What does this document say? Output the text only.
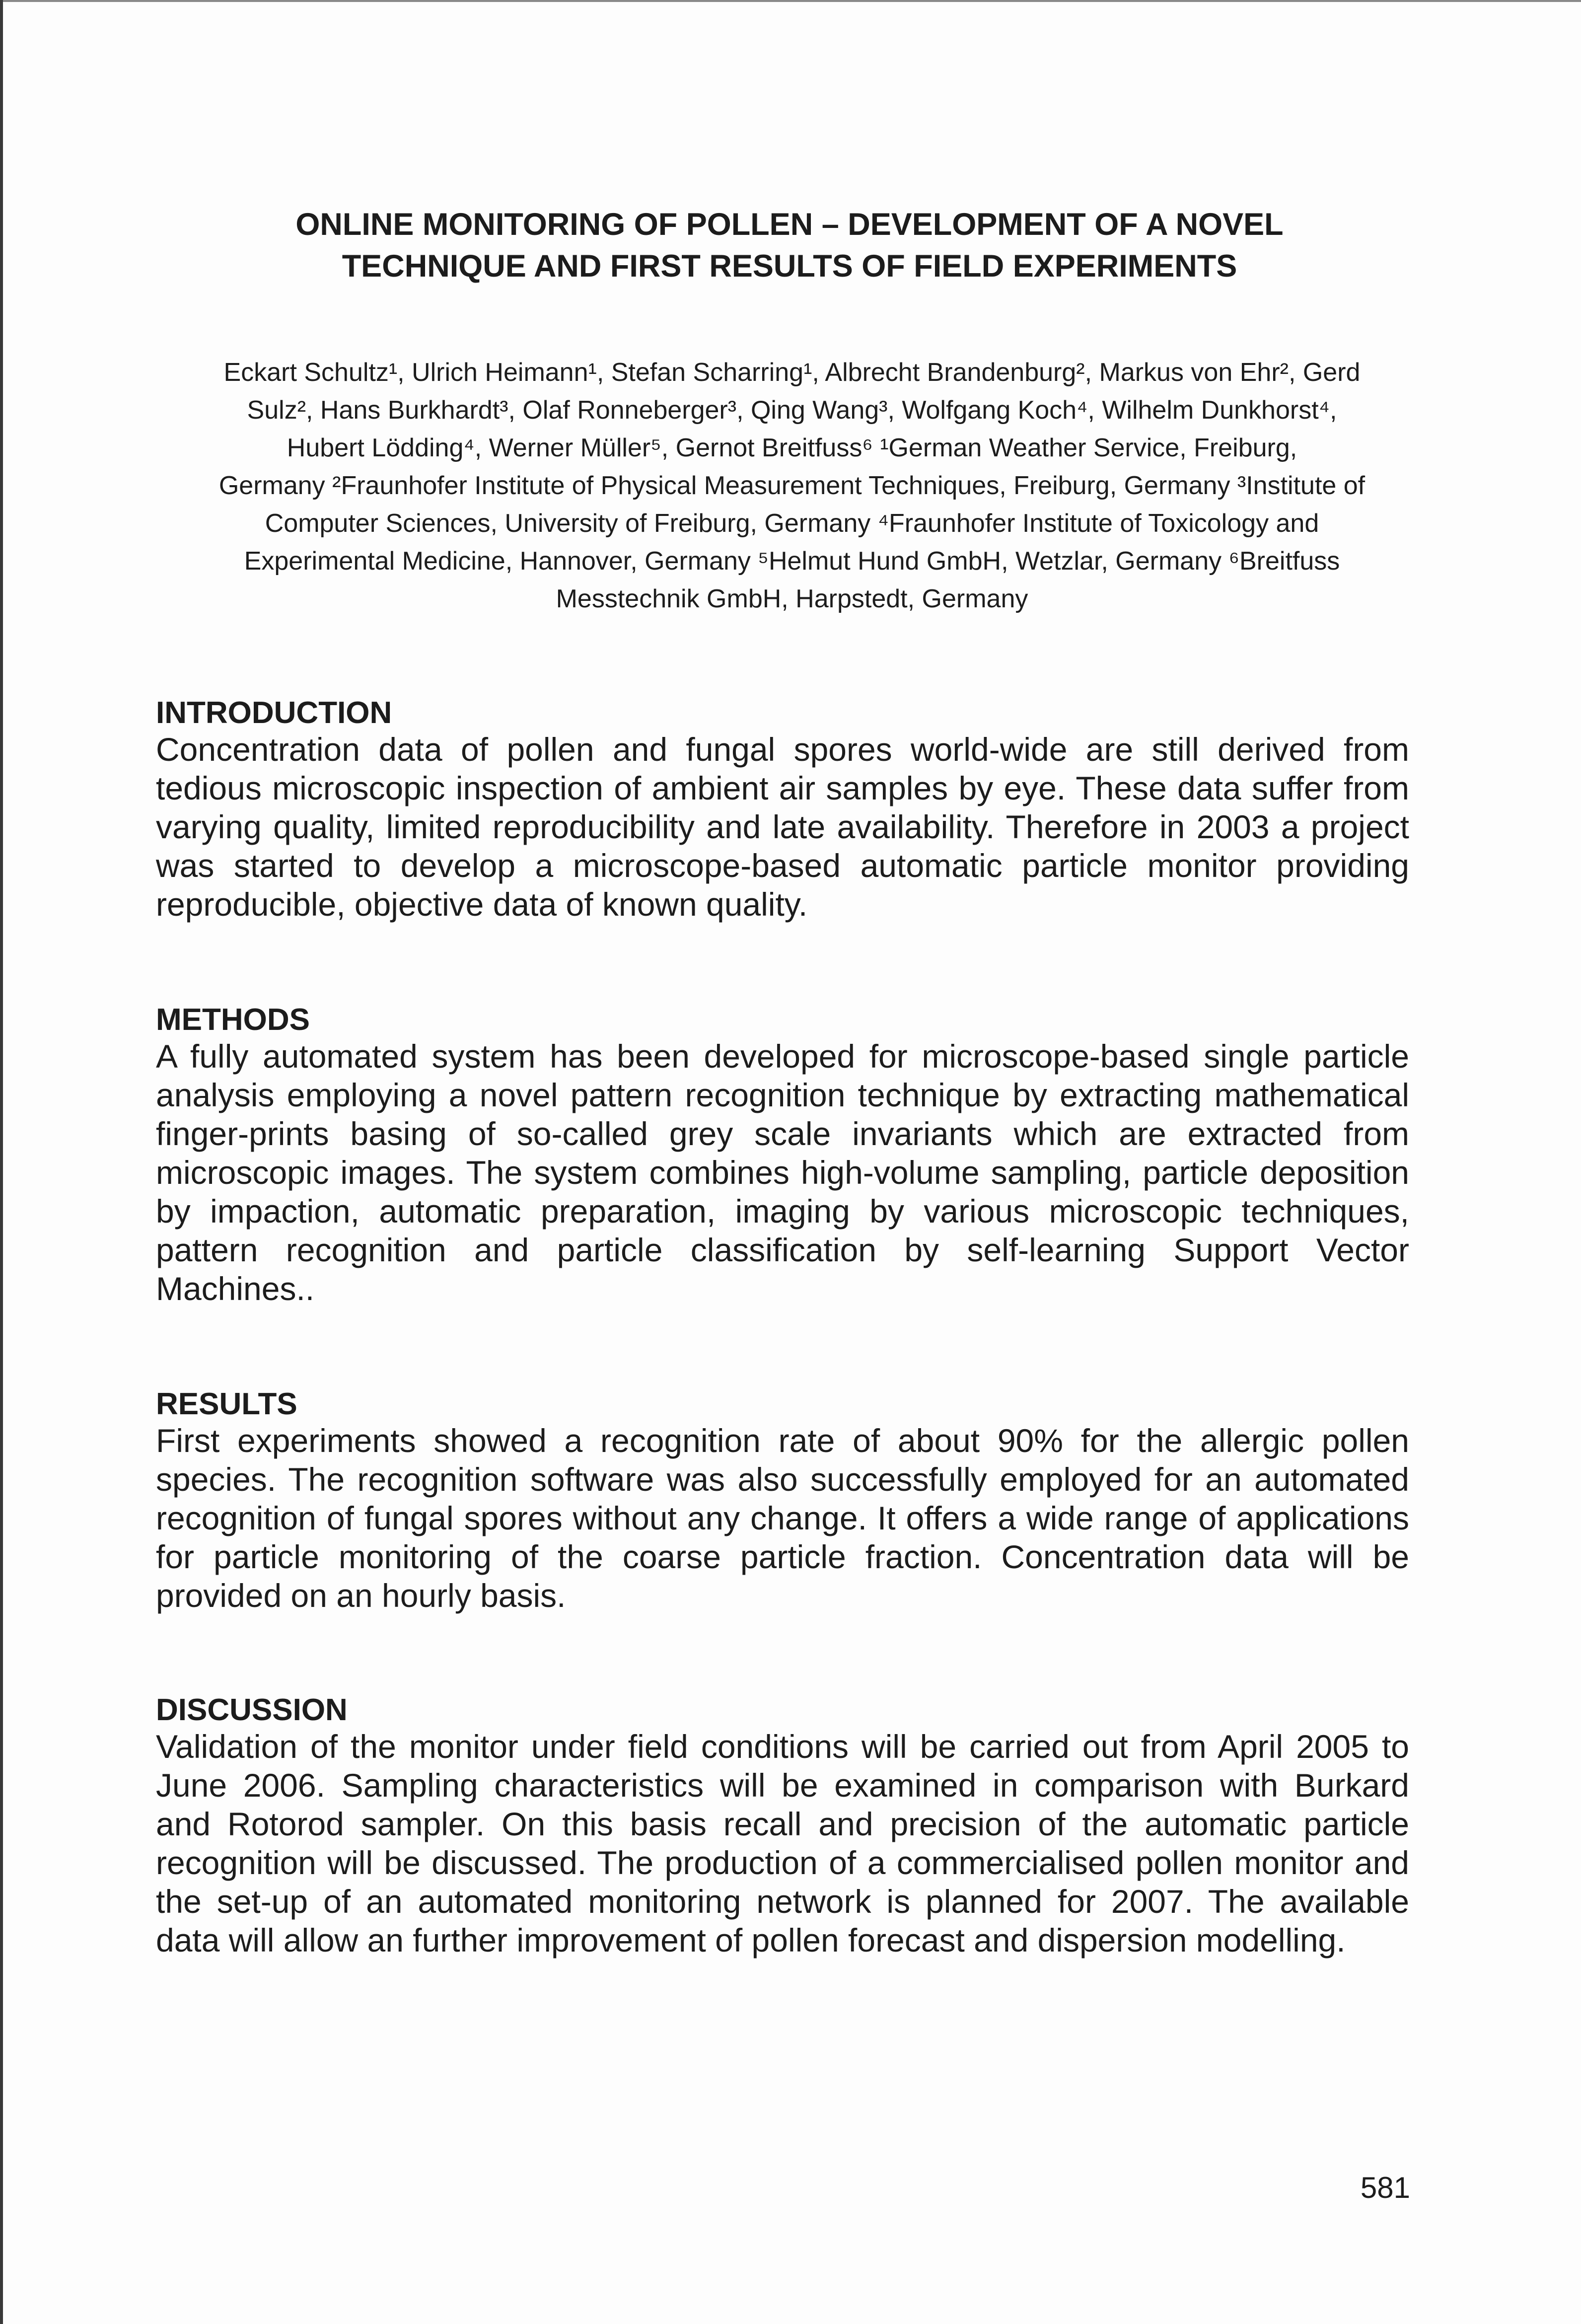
ONLINE MONITORING OF POLLEN – DEVELOPMENT OF A NOVEL
TECHNIQUE AND FIRST RESULTS OF FIELD EXPERIMENTS

Eckart Schultz¹, Ulrich Heimann¹, Stefan Scharring¹, Albrecht Brandenburg², Markus von Ehr², Gerd
Sulz², Hans Burkhardt³, Olaf Ronneberger³, Qing Wang³, Wolfgang Koch⁴, Wilhelm Dunkhorst⁴,
Hubert Lödding⁴, Werner Müller⁵, Gernot Breitfuss⁶ ¹German Weather Service, Freiburg,
Germany ²Fraunhofer Institute of Physical Measurement Techniques, Freiburg, Germany ³Institute of
Computer Sciences, University of Freiburg, Germany ⁴Fraunhofer Institute of Toxicology and
Experimental Medicine, Hannover, Germany ⁵Helmut Hund GmbH, Wetzlar, Germany ⁶Breitfuss
Messtechnik GmbH, Harpstedt, Germany

INTRODUCTION

Concentration data of pollen and fungal spores world-wide are still derived from
tedious microscopic inspection of ambient air samples by eye. These data suffer from
varying quality, limited reproducibility and late availability. Therefore in 2003 a project
was started to develop a microscope-based automatic particle monitor providing
reproducible, objective data of known quality.

METHODS

A fully automated system has been developed for microscope-based single particle
analysis employing a novel pattern recognition technique by extracting mathematical
finger-prints basing of so-called grey scale invariants which are extracted from
microscopic images. The system combines high-volume sampling, particle deposition
by impaction, automatic preparation, imaging by various microscopic techniques,
pattern recognition and particle classification by self-learning Support Vector
Machines..

RESULTS

First experiments showed a recognition rate of about 90% for the allergic pollen
species. The recognition software was also successfully employed for an automated
recognition of fungal spores without any change. It offers a wide range of applications
for particle monitoring of the coarse particle fraction. Concentration data will be
provided on an hourly basis.

DISCUSSION

Validation of the monitor under field conditions will be carried out from April 2005 to
June 2006. Sampling characteristics will be examined in comparison with Burkard
and Rotorod sampler. On this basis recall and precision of the automatic particle
recognition will be discussed. The production of a commercialised pollen monitor and
the set-up of an automated monitoring network is planned for 2007. The available
data will allow an further improvement of pollen forecast and dispersion modelling.

581
